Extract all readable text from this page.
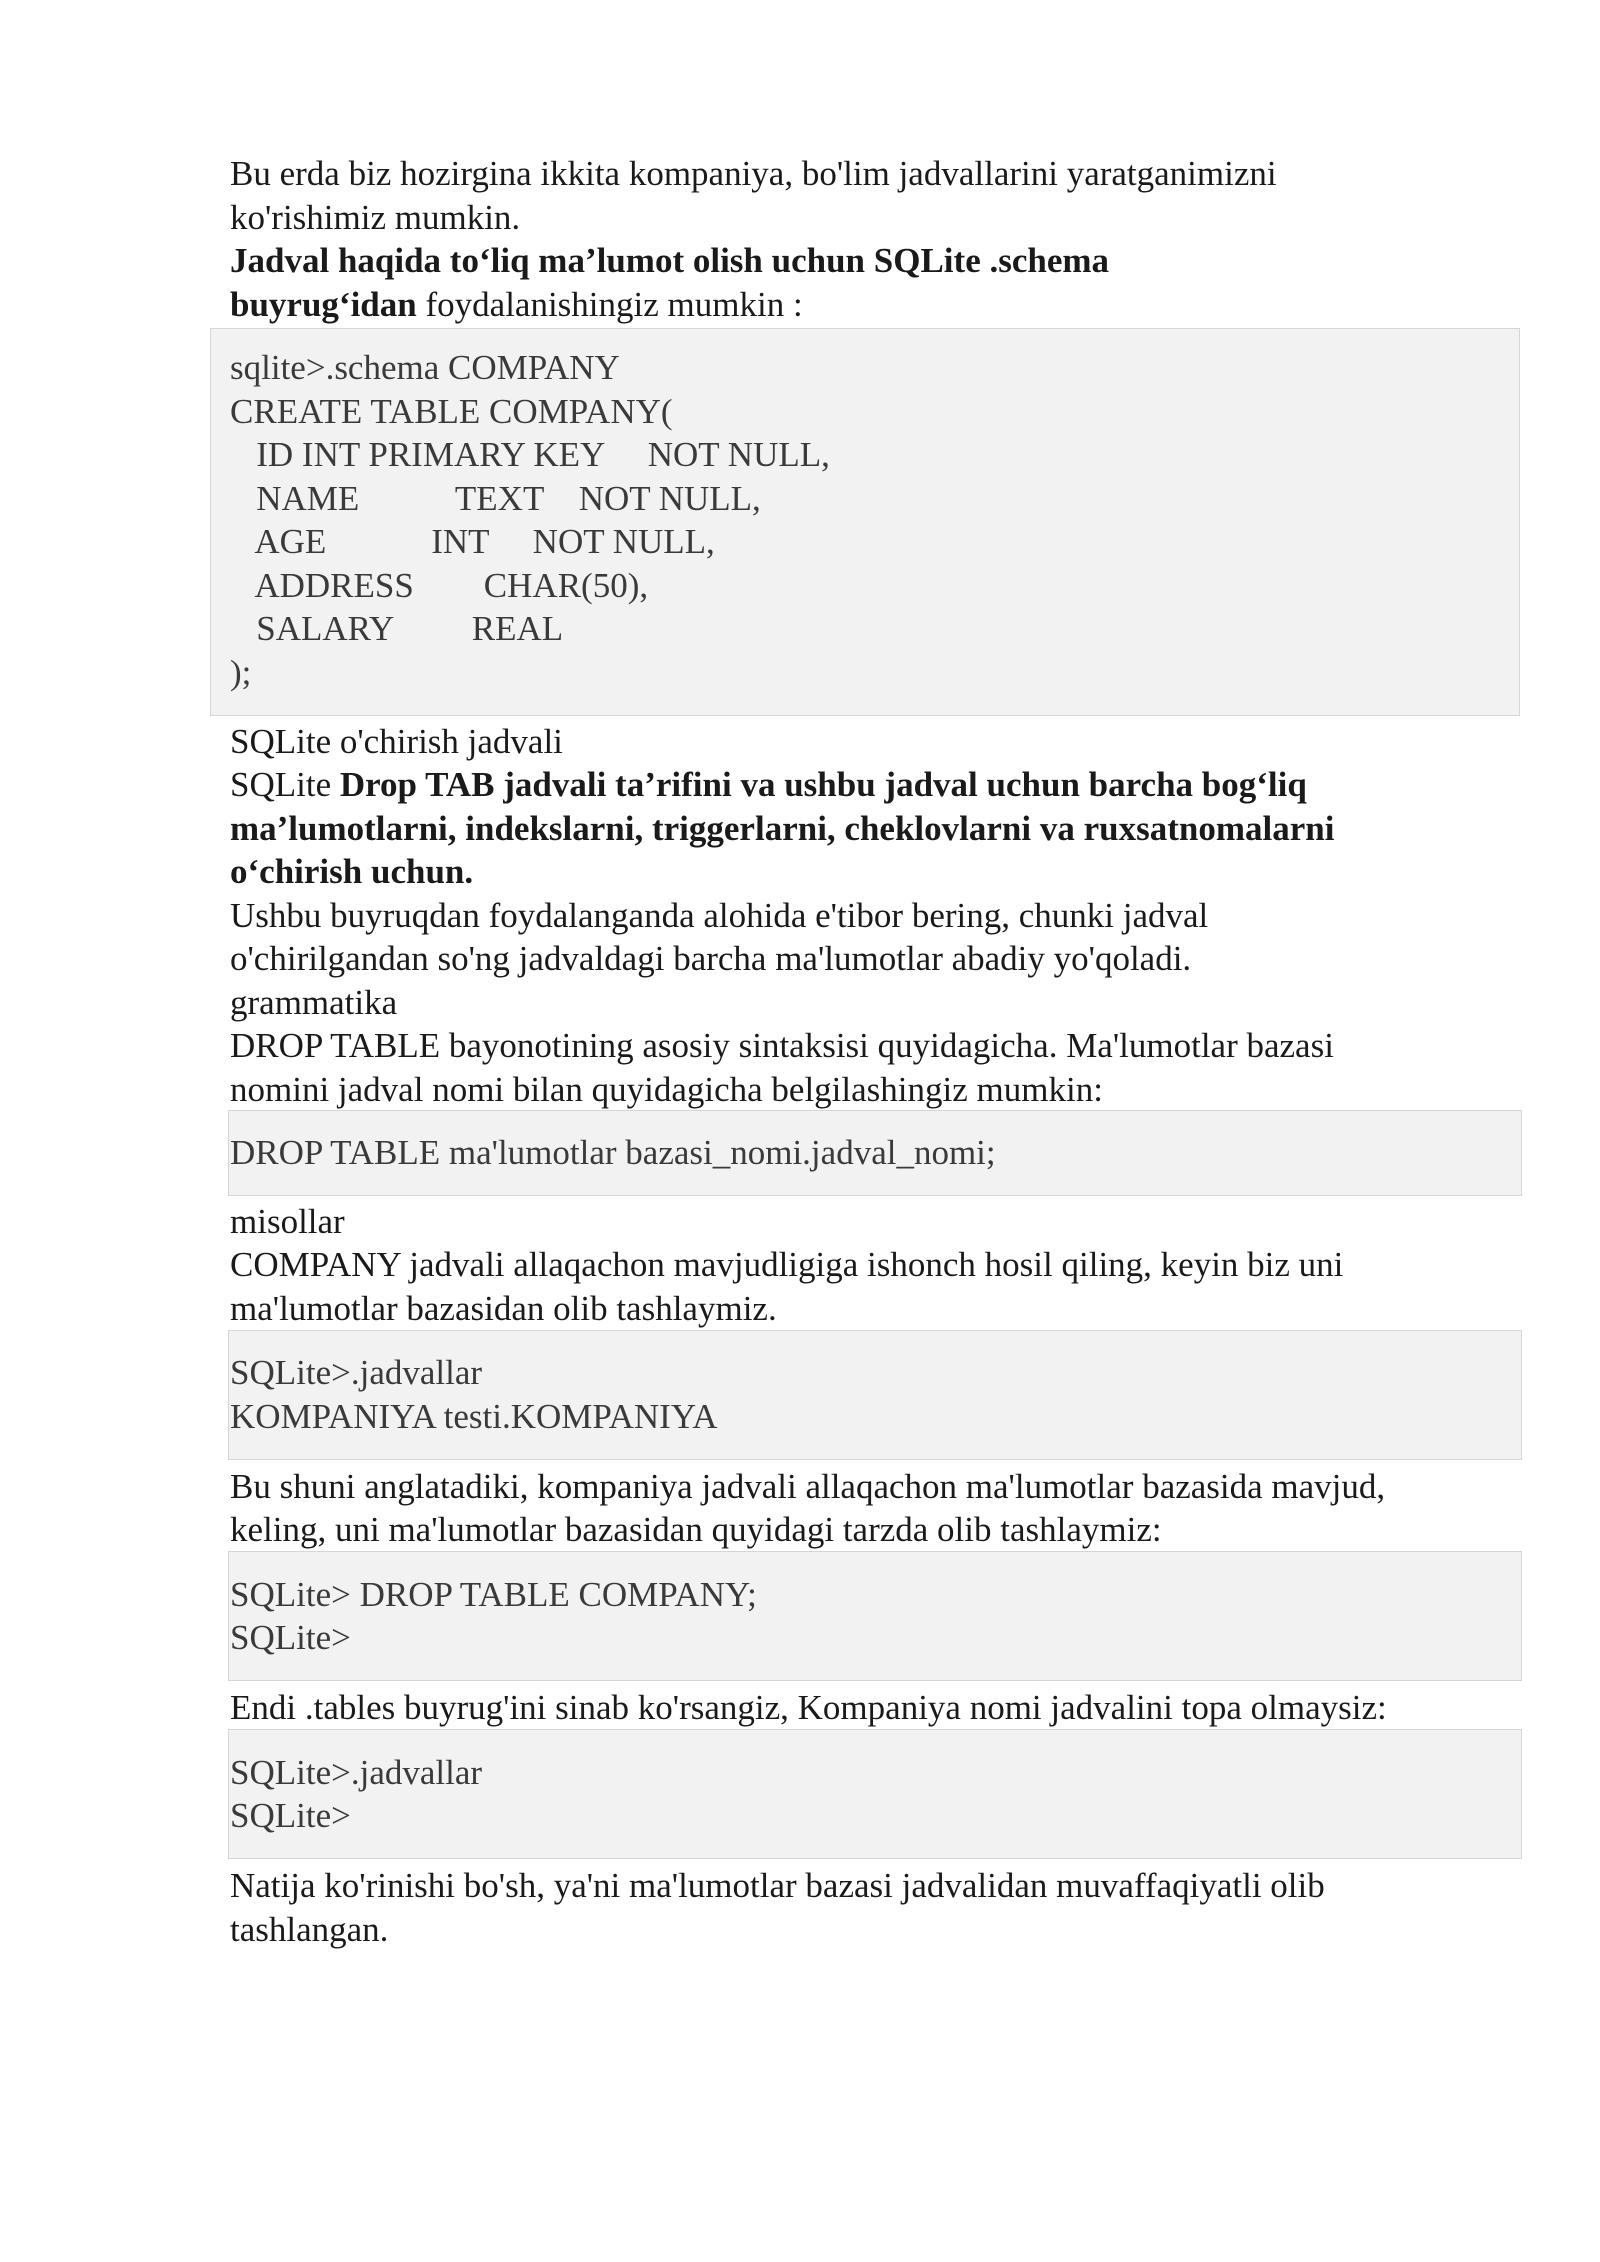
Bu erda biz hozirgina ikkita kompaniya, bo'lim jadvallarini yaratganimizni

ko'rishimiz mumkin.

Jadval haqida to‘liq ma’lumot olish uchun SQLite .schema

buyrug‘idan foydalanishingiz mumkin :

sqlite>.schema COMPANY

CREATE TABLE COMPANY(

ID INT PRIMARY KEY     NOT NULL,

NAME           TEXT    NOT NULL,

AGE            INT     NOT NULL,

ADDRESS        CHAR(50),

SALARY         REAL

);

SQLite o'chirish jadvali

SQLite Drop TAB jadvali ta’rifini va ushbu jadval uchun barcha bog‘liq

ma’lumotlarni, indekslarni, triggerlarni, cheklovlarni va ruxsatnomalarni

o‘chirish uchun.

Ushbu buyruqdan foydalanganda alohida e'tibor bering, chunki jadval

o'chirilgandan so'ng jadvaldagi barcha ma'lumotlar abadiy yo'qoladi.

grammatika

DROP TABLE bayonotining asosiy sintaksisi quyidagicha. Ma'lumotlar bazasi

nomini jadval nomi bilan quyidagicha belgilashingiz mumkin:

DROP TABLE ma'lumotlar bazasi_nomi.jadval_nomi;

misollar

COMPANY jadvali allaqachon mavjudligiga ishonch hosil qiling, keyin biz uni

ma'lumotlar bazasidan olib tashlaymiz.

SQLite>.jadvallar

KOMPANIYA testi.KOMPANIYA

Bu shuni anglatadiki, kompaniya jadvali allaqachon ma'lumotlar bazasida mavjud,

keling, uni ma'lumotlar bazasidan quyidagi tarzda olib tashlaymiz:

SQLite> DROP TABLE COMPANY;

SQLite>

Endi .tables buyrug'ini sinab ko'rsangiz, Kompaniya nomi jadvalini topa olmaysiz:

SQLite>.jadvallar

SQLite>

Natija ko'rinishi bo'sh, ya'ni ma'lumotlar bazasi jadvalidan muvaffaqiyatli olib

tashlangan.
